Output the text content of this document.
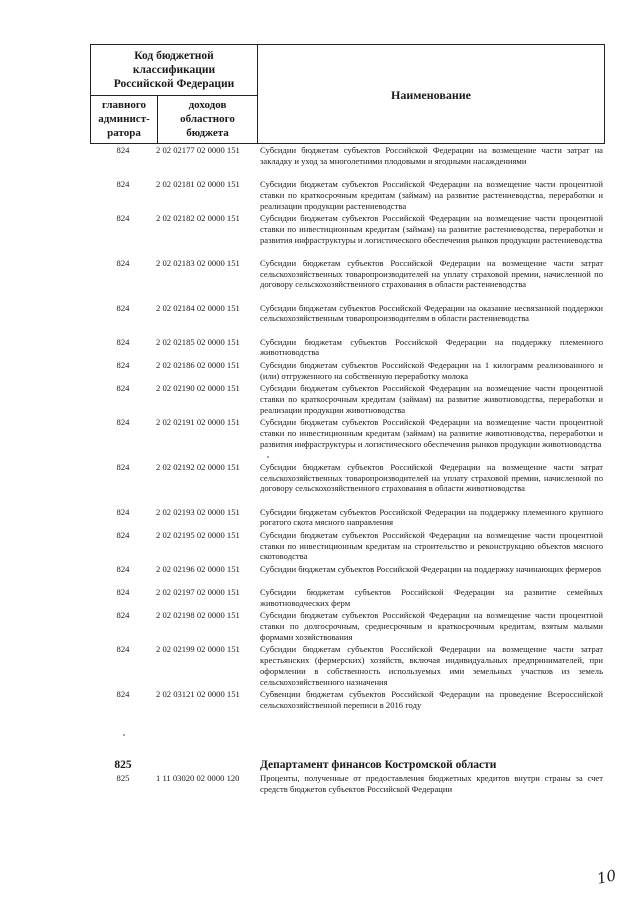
Код бюджетной
классификации
Российской Федерации
главного
админист-
ратора
доходов
областного
бюджета
Наименование
824	2 02 02177 02 0000 151	Субсидии бюджетам субъектов Российской Федерации на возмещение части затрат на закладку и уход за многолетними плодовыми и ягодными насаждениями
824	2 02 02181 02 0000 151	Субсидии бюджетам субъектов Российской Федерации на возмещение части процентной ставки по краткосрочным кредитам (займам) на развитие растениеводства, переработки и реализации продукции растениеводства
824	2 02 02182 02 0000 151	Субсидии бюджетам субъектов Российской Федерации на возмещение части процентной ставки по инвестиционным кредитам (займам) на развитие растениеводства, переработки и развития инфраструктуры и логистического обеспечения рынков продукции растениеводства
824	2 02 02183 02 0000 151	Субсидии бюджетам субъектов Российской Федерации на возмещение части затрат сельскохозяйственных товаропроизводителей на уплату страховой премии, начисленной по договору сельскохозяйственного страхования в области растениеводства
824	2 02 02184 02 0000 151	Субсидии бюджетам субъектов Российской Федерации на оказание несвязанной поддержки сельскохозяйственным товаропроизводителям в области растениеводства
824	2 02 02185 02 0000 151	Субсидии бюджетам субъектов Российской Федерации на поддержку племенного животноводства
824	2 02 02186 02 0000 151	Субсидии бюджетам субъектов Российской Федерации на 1 килограмм реализованного и (или) отгруженного на собственную переработку молока
824	2 02 02190 02 0000 151	Субсидии бюджетам субъектов Российской Федерации на возмещение части процентной ставки по краткосрочным кредитам (займам) на развитие животноводства, переработки и реализации продукции животноводства
824	2 02 02191 02 0000 151	Субсидии бюджетам субъектов Российской Федерации на возмещение части процентной ставки по инвестиционным кредитам (займам) на развитие животноводства, переработки и развития инфраструктуры и логистического обеспечения рынков продукции животноводства
824	2 02 02192 02 0000 151	Субсидии бюджетам субъектов Российской Федерации на возмещение части затрат сельскохозяйственных товаропроизводителей на уплату страховой премии, начисленной по договору сельскохозяйственного страхования в области животноводства
824	2 02 02193 02 0000 151	Субсидии бюджетам субъектов Российской Федерации на поддержку племенного крупного рогатого скота мясного направления
824	2 02 02195 02 0000 151	Субсидии бюджетам субъектов Российской Федерации на возмещение части процентной ставки по инвестиционным кредитам на строительство и реконструкцию объектов мясного скотоводства
824	2 02 02196 02 0000 151	Субсидии бюджетам субъектов Российской Федерации на поддержку начинающих фермеров
824	2 02 02197 02 0000 151	Субсидии бюджетам субъектов Российской Федерации на развитие семейных животноводческих ферм
824	2 02 02198 02 0000 151	Субсидии бюджетам субъектов Российской Федерации на возмещение части процентной ставки по долгосрочным, среднесрочным и краткосрочным кредитам, взятым малыми формами хозяйствования
824	2 02 02199 02 0000 151	Субсидии бюджетам субъектов Российской Федерации на возмещение части затрат крестьянских (фермерских) хозяйств, включая индивидуальных предпринимателей, при оформлении в собственность используемых ими земельных участков из земель сельскохозяйственного назначения
824	2 02 03121 02 0000 151	Субвенции бюджетам субъектов Российской Федерации на проведение Всероссийской сельскохозяйственной переписи в 2016 году
825	Департамент финансов Костромской области
825	1 11 03020 02 0000 120	Проценты, полученные от предоставления бюджетных кредитов внутри страны за счет средств бюджетов субъектов Российской Федерации
10
